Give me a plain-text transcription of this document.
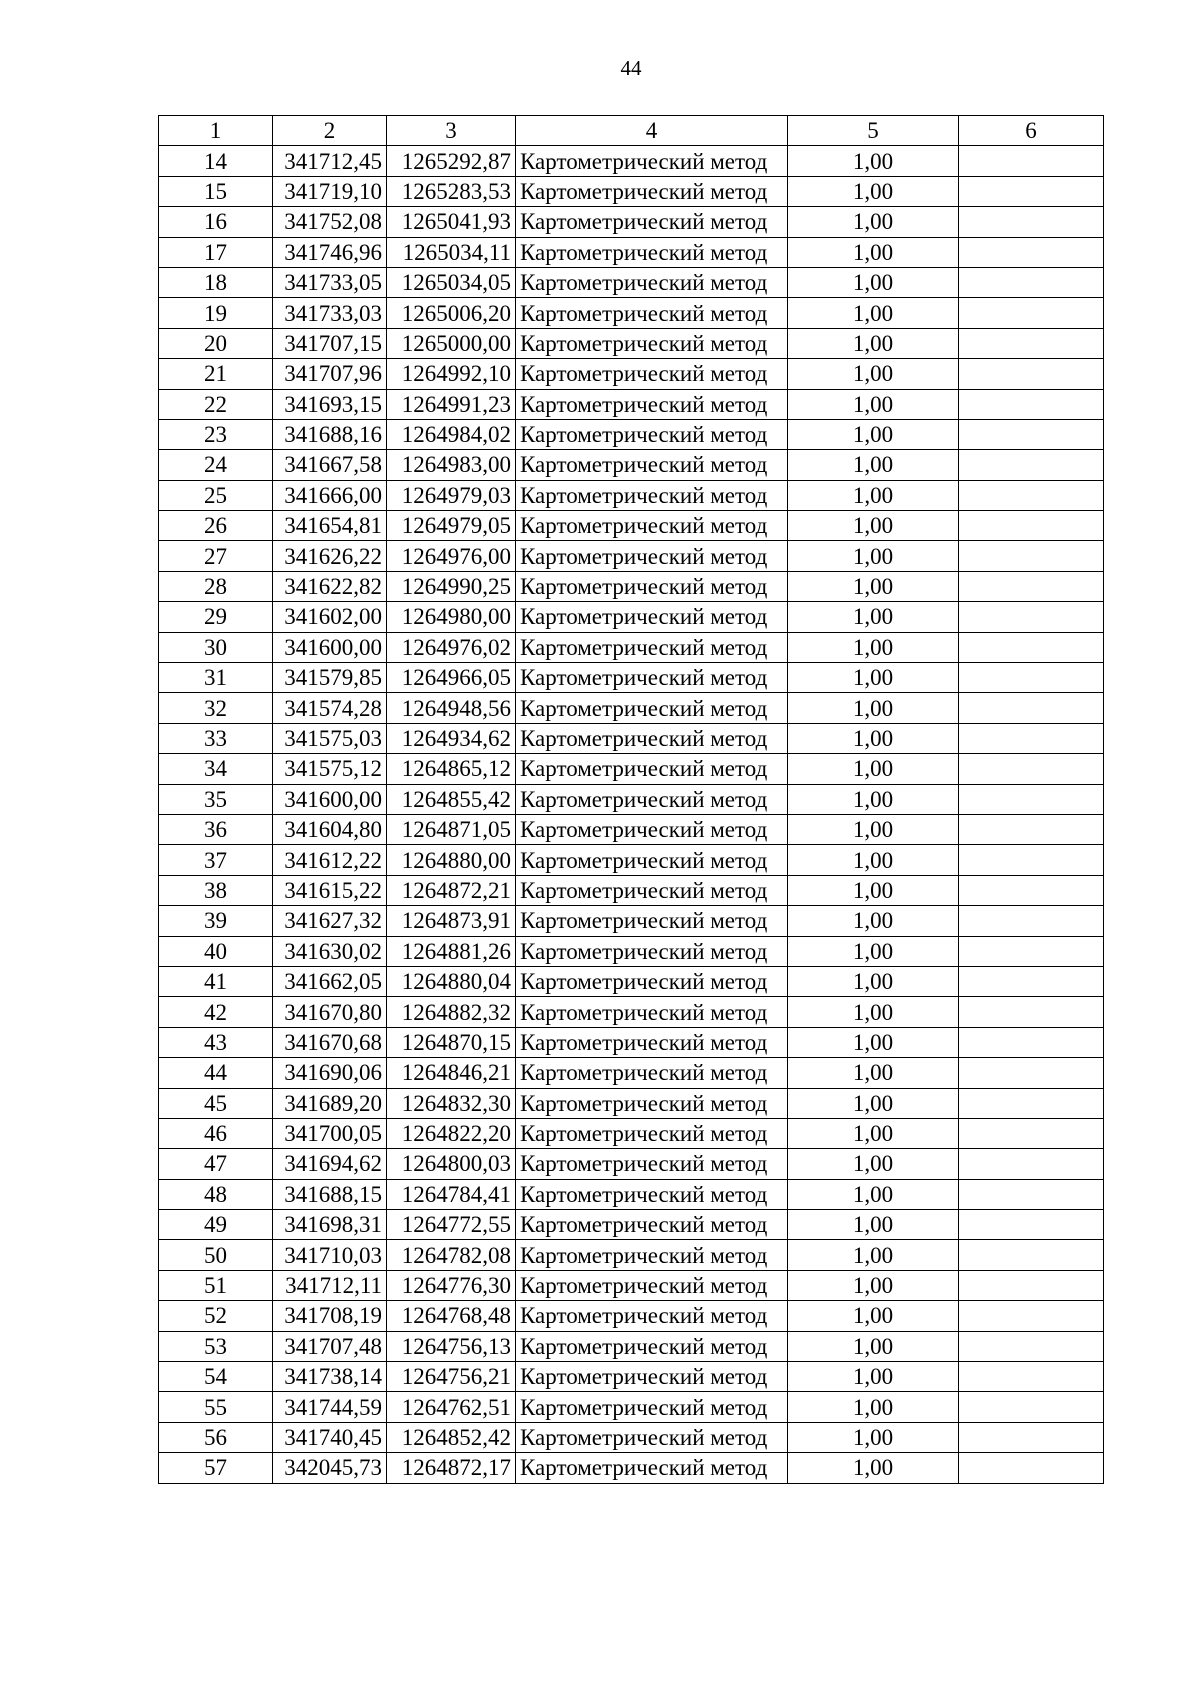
44
1	2	3	4	5	6
14	341712,45	1265292,87	Картометрический метод	1,00	
15	341719,10	1265283,53	Картометрический метод	1,00	
16	341752,08	1265041,93	Картометрический метод	1,00	
17	341746,96	1265034,11	Картометрический метод	1,00	
18	341733,05	1265034,05	Картометрический метод	1,00	
19	341733,03	1265006,20	Картометрический метод	1,00	
20	341707,15	1265000,00	Картометрический метод	1,00	
21	341707,96	1264992,10	Картометрический метод	1,00	
22	341693,15	1264991,23	Картометрический метод	1,00	
23	341688,16	1264984,02	Картометрический метод	1,00	
24	341667,58	1264983,00	Картометрический метод	1,00	
25	341666,00	1264979,03	Картометрический метод	1,00	
26	341654,81	1264979,05	Картометрический метод	1,00	
27	341626,22	1264976,00	Картометрический метод	1,00	
28	341622,82	1264990,25	Картометрический метод	1,00	
29	341602,00	1264980,00	Картометрический метод	1,00	
30	341600,00	1264976,02	Картометрический метод	1,00	
31	341579,85	1264966,05	Картометрический метод	1,00	
32	341574,28	1264948,56	Картометрический метод	1,00	
33	341575,03	1264934,62	Картометрический метод	1,00	
34	341575,12	1264865,12	Картометрический метод	1,00	
35	341600,00	1264855,42	Картометрический метод	1,00	
36	341604,80	1264871,05	Картометрический метод	1,00	
37	341612,22	1264880,00	Картометрический метод	1,00	
38	341615,22	1264872,21	Картометрический метод	1,00	
39	341627,32	1264873,91	Картометрический метод	1,00	
40	341630,02	1264881,26	Картометрический метод	1,00	
41	341662,05	1264880,04	Картометрический метод	1,00	
42	341670,80	1264882,32	Картометрический метод	1,00	
43	341670,68	1264870,15	Картометрический метод	1,00	
44	341690,06	1264846,21	Картометрический метод	1,00	
45	341689,20	1264832,30	Картометрический метод	1,00	
46	341700,05	1264822,20	Картометрический метод	1,00	
47	341694,62	1264800,03	Картометрический метод	1,00	
48	341688,15	1264784,41	Картометрический метод	1,00	
49	341698,31	1264772,55	Картометрический метод	1,00	
50	341710,03	1264782,08	Картометрический метод	1,00	
51	341712,11	1264776,30	Картометрический метод	1,00	
52	341708,19	1264768,48	Картометрический метод	1,00	
53	341707,48	1264756,13	Картометрический метод	1,00	
54	341738,14	1264756,21	Картометрический метод	1,00	
55	341744,59	1264762,51	Картометрический метод	1,00	
56	341740,45	1264852,42	Картометрический метод	1,00	
57	342045,73	1264872,17	Картометрический метод	1,00	
